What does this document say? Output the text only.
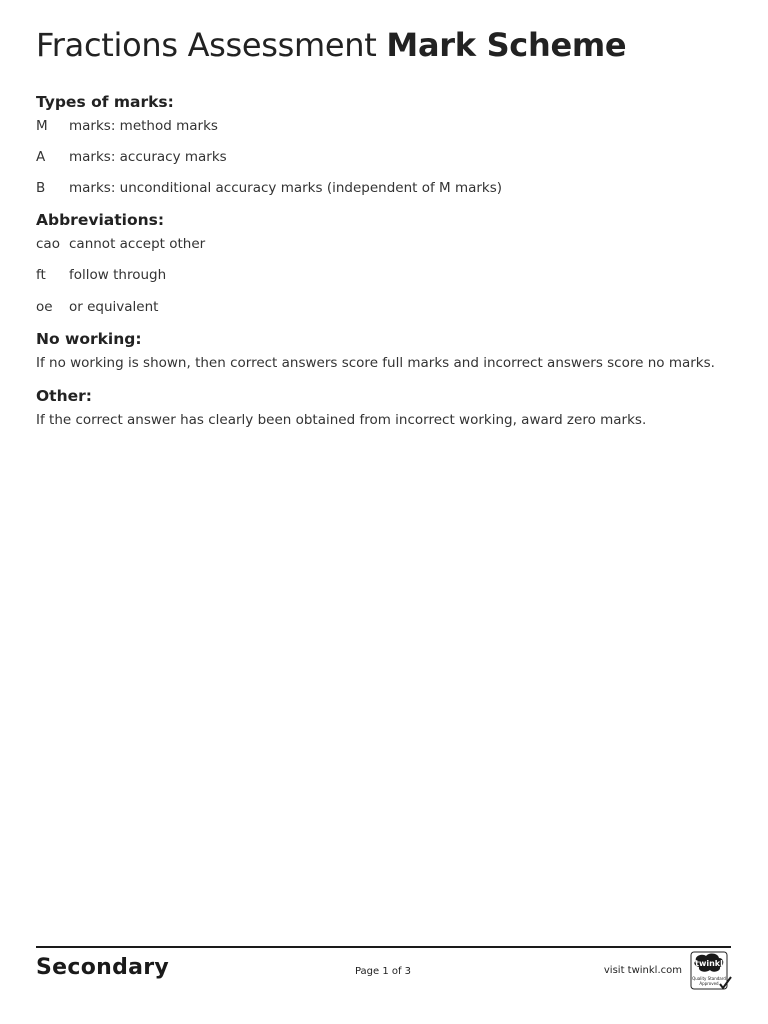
Fractions Assessment Mark Scheme
Types of marks:
M	marks: method marks
A	marks: accuracy marks
B	marks: unconditional accuracy marks (independent of M marks)
Abbreviations:
cao cannot accept other
ft	follow through
oe	or equivalent
No working:
If no working is shown, then correct answers score full marks and incorrect answers score no marks.
Other:
If the correct answer has clearly been obtained from incorrect working, award zero marks.
Secondary	Page 1 of 3	visit twinkl.com
twinkl
Quality Standard
Approved
